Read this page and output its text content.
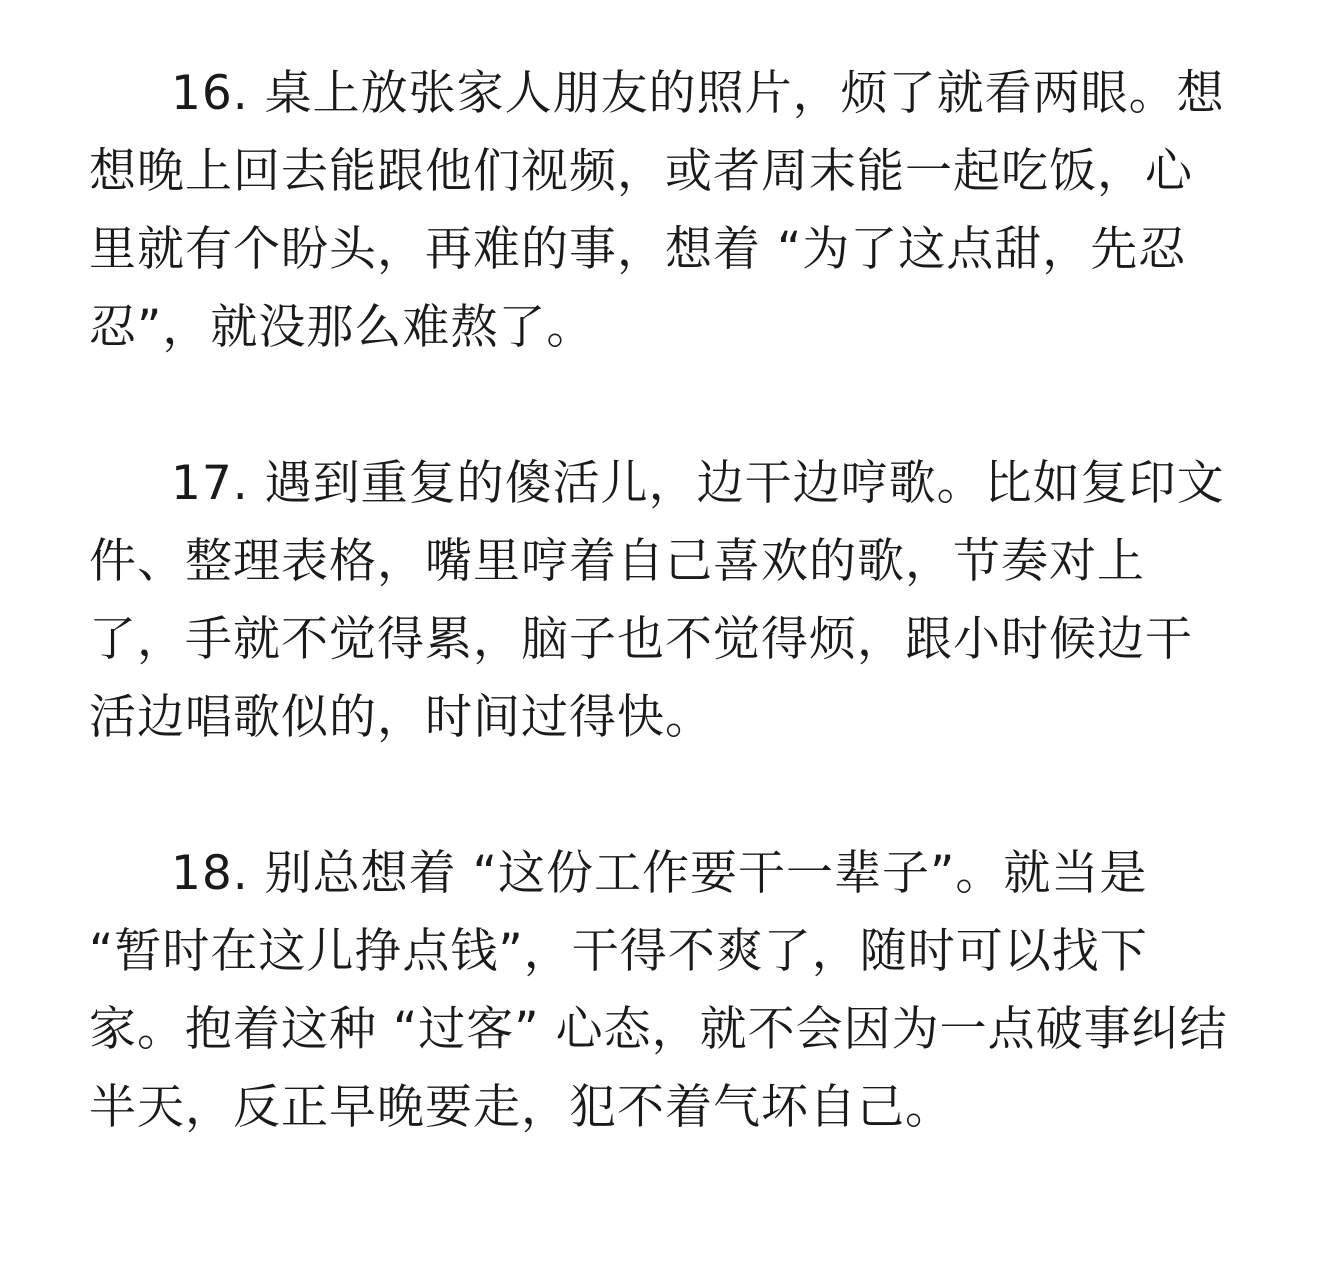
16. 桌上放张家人朋友的照片，烦了就看两眼。想想晚上回去能跟他们视频，或者周末能一起吃饭，心里就有个盼头，再难的事，想着 “为了这点甜，先忍忍”，就没那么难熬了。

17. 遇到重复的傻活儿，边干边哼歌。比如复印文件、整理表格，嘴里哼着自己喜欢的歌，节奏对上了，手就不觉得累，脑子也不觉得烦，跟小时候边干活边唱歌似的，时间过得快。

18. 别总想着 “这份工作要干一辈子”。就当是 “暂时在这儿挣点钱”，干得不爽了，随时可以找下家。抱着这种 “过客” 心态，就不会因为一点破事纠结半天，反正早晚要走，犯不着气坏自己。
